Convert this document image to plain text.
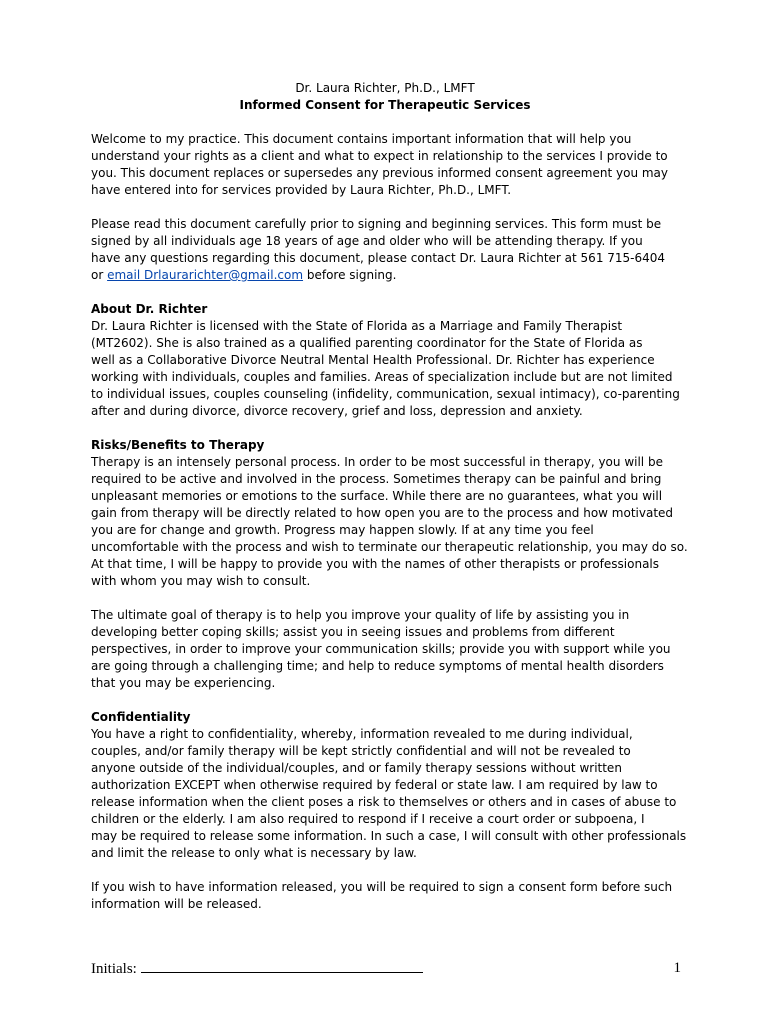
Dr. Laura Richter, Ph.D., LMFT
Informed Consent for Therapeutic Services

Welcome to my practice. This document contains important information that will help you
understand your rights as a client and what to expect in relationship to the services I provide to
you. This document replaces or supersedes any previous informed consent agreement you may
have entered into for services provided by Laura Richter, Ph.D., LMFT.

Please read this document carefully prior to signing and beginning services. This form must be
signed by all individuals age 18 years of age and older who will be attending therapy. If you
have any questions regarding this document, please contact Dr. Laura Richter at 561 715-6404
or email Drlaurarichter@gmail.com before signing.

About Dr. Richter

Dr. Laura Richter is licensed with the State of Florida as a Marriage and Family Therapist
(MT2602). She is also trained as a qualified parenting coordinator for the State of Florida as
well as a Collaborative Divorce Neutral Mental Health Professional. Dr. Richter has experience
working with individuals, couples and families. Areas of specialization include but are not limited
to individual issues, couples counseling (infidelity, communication, sexual intimacy), co-parenting
after and during divorce, divorce recovery, grief and loss, depression and anxiety.

Risks/Benefits to Therapy

Therapy is an intensely personal process. In order to be most successful in therapy, you will be
required to be active and involved in the process. Sometimes therapy can be painful and bring
unpleasant memories or emotions to the surface. While there are no guarantees, what you will
gain from therapy will be directly related to how open you are to the process and how motivated
you are for change and growth. Progress may happen slowly. If at any time you feel
uncomfortable with the process and wish to terminate our therapeutic relationship, you may do so.
At that time, I will be happy to provide you with the names of other therapists or professionals
with whom you may wish to consult.

The ultimate goal of therapy is to help you improve your quality of life by assisting you in
developing better coping skills; assist you in seeing issues and problems from different
perspectives, in order to improve your communication skills; provide you with support while you
are going through a challenging time; and help to reduce symptoms of mental health disorders
that you may be experiencing.

Confidentiality

You have a right to confidentiality, whereby, information revealed to me during individual,
couples, and/or family therapy will be kept strictly confidential and will not be revealed to
anyone outside of the individual/couples, and or family therapy sessions without written
authorization EXCEPT when otherwise required by federal or state law. I am required by law to
release information when the client poses a risk to themselves or others and in cases of abuse to
children or the elderly. I am also required to respond if I receive a court order or subpoena, I
may be required to release some information. In such a case, I will consult with other professionals
and limit the release to only what is necessary by law.

If you wish to have information released, you will be required to sign a consent form before such
information will be released.

Initials:	1
